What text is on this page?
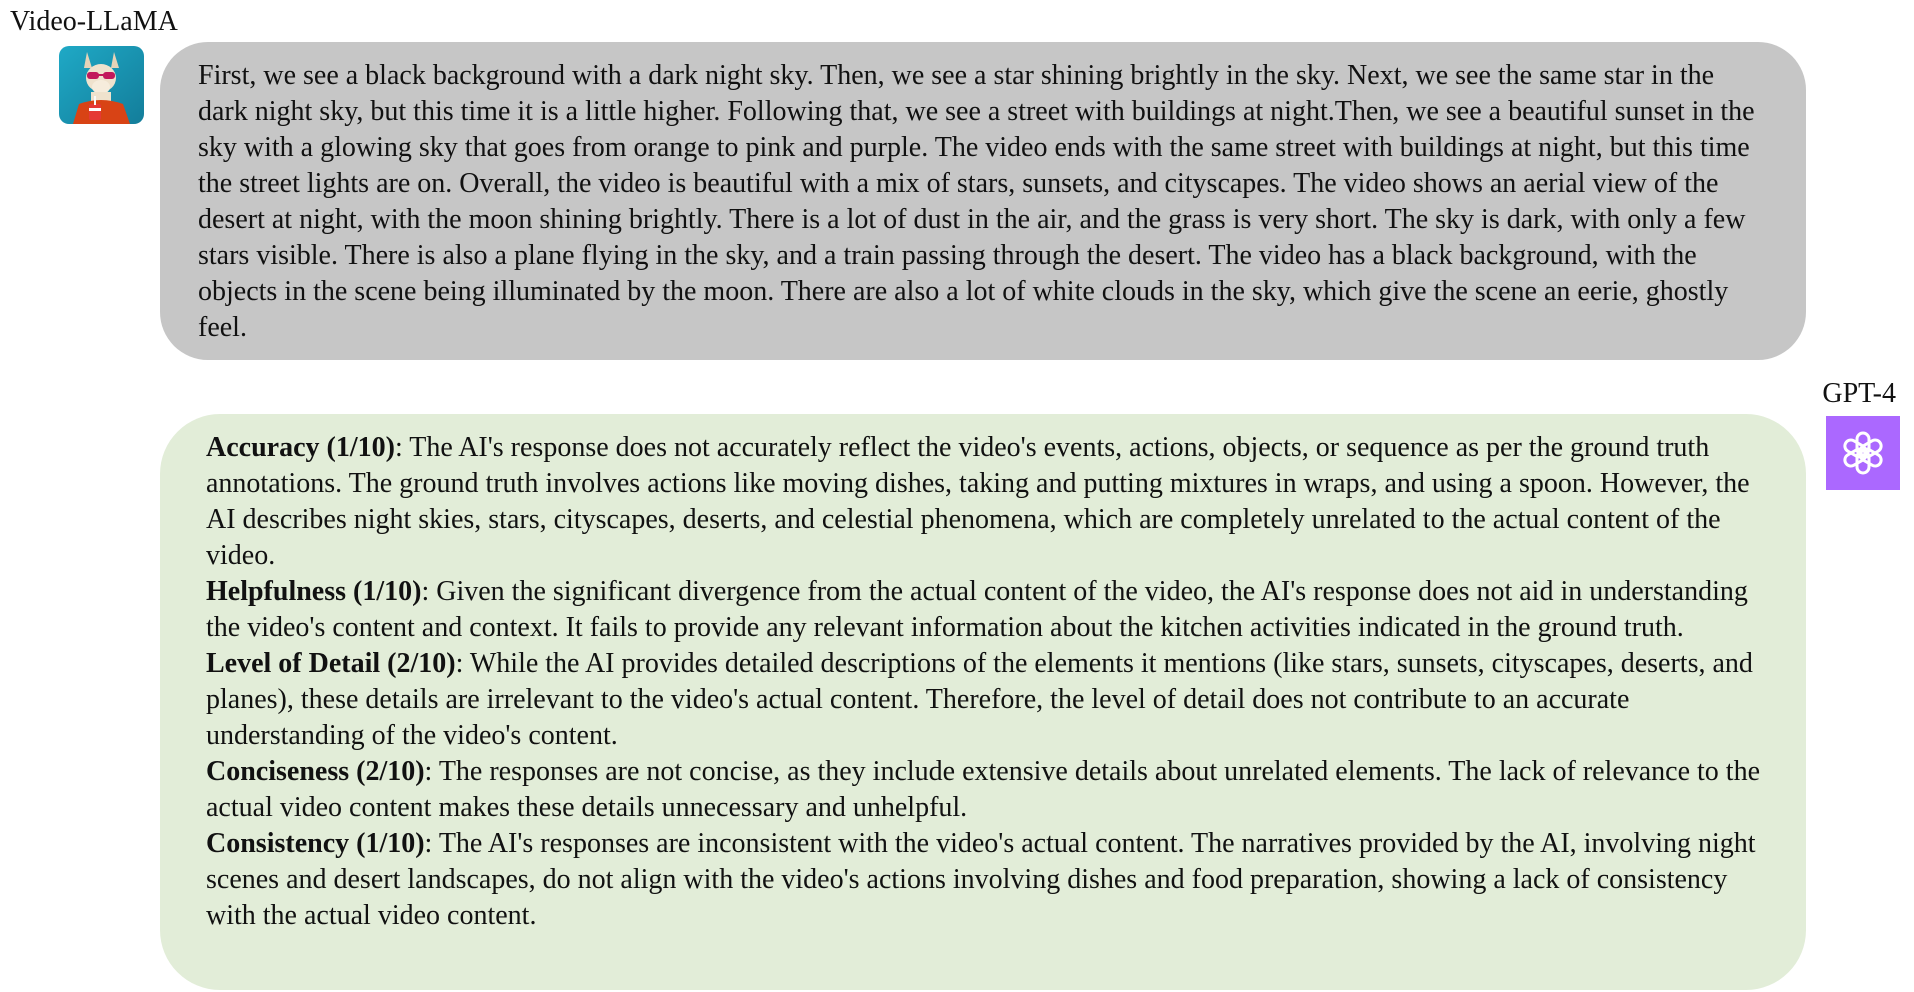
Video-LLaMA

First, we see a black background with a dark night sky. Then, we see a star shining brightly in the sky. Next, we see the same star in the dark night sky, but this time it is a little higher. Following that, we see a street with buildings at night.Then, we see a beautiful sunset in the sky with a glowing sky that goes from orange to pink and purple. The video ends with the same street with buildings at night, but this time the street lights are on. Overall, the video is beautiful with a mix of stars, sunsets, and cityscapes. The video shows an aerial view of the desert at night, with the moon shining brightly. There is a lot of dust in the air, and the grass is very short. The sky is dark, with only a few stars visible. There is also a plane flying in the sky, and a train passing through the desert. The video has a black background, with the objects in the scene being illuminated by the moon. There are also a lot of white clouds in the sky, which give the scene an eerie, ghostly feel.

GPT-4

Accuracy (1/10): The AI's response does not accurately reflect the video's events, actions, objects, or sequence as per the ground truth annotations. The ground truth involves actions like moving dishes, taking and putting mixtures in wraps, and using a spoon. However, the AI describes night skies, stars, cityscapes, deserts, and celestial phenomena, which are completely unrelated to the actual content of the video.

Helpfulness (1/10): Given the significant divergence from the actual content of the video, the AI's response does not aid in understanding the video's content and context. It fails to provide any relevant information about the kitchen activities indicated in the ground truth.

Level of Detail (2/10): While the AI provides detailed descriptions of the elements it mentions (like stars, sunsets, cityscapes, deserts, and planes), these details are irrelevant to the video's actual content. Therefore, the level of detail does not contribute to an accurate understanding of the video's content.

Conciseness (2/10): The responses are not concise, as they include extensive details about unrelated elements. The lack of relevance to the actual video content makes these details unnecessary and unhelpful.

Consistency (1/10): The AI's responses are inconsistent with the video's actual content. The narratives provided by the AI, involving night scenes and desert landscapes, do not align with the video's actions involving dishes and food preparation, showing a lack of consistency with the actual video content.
